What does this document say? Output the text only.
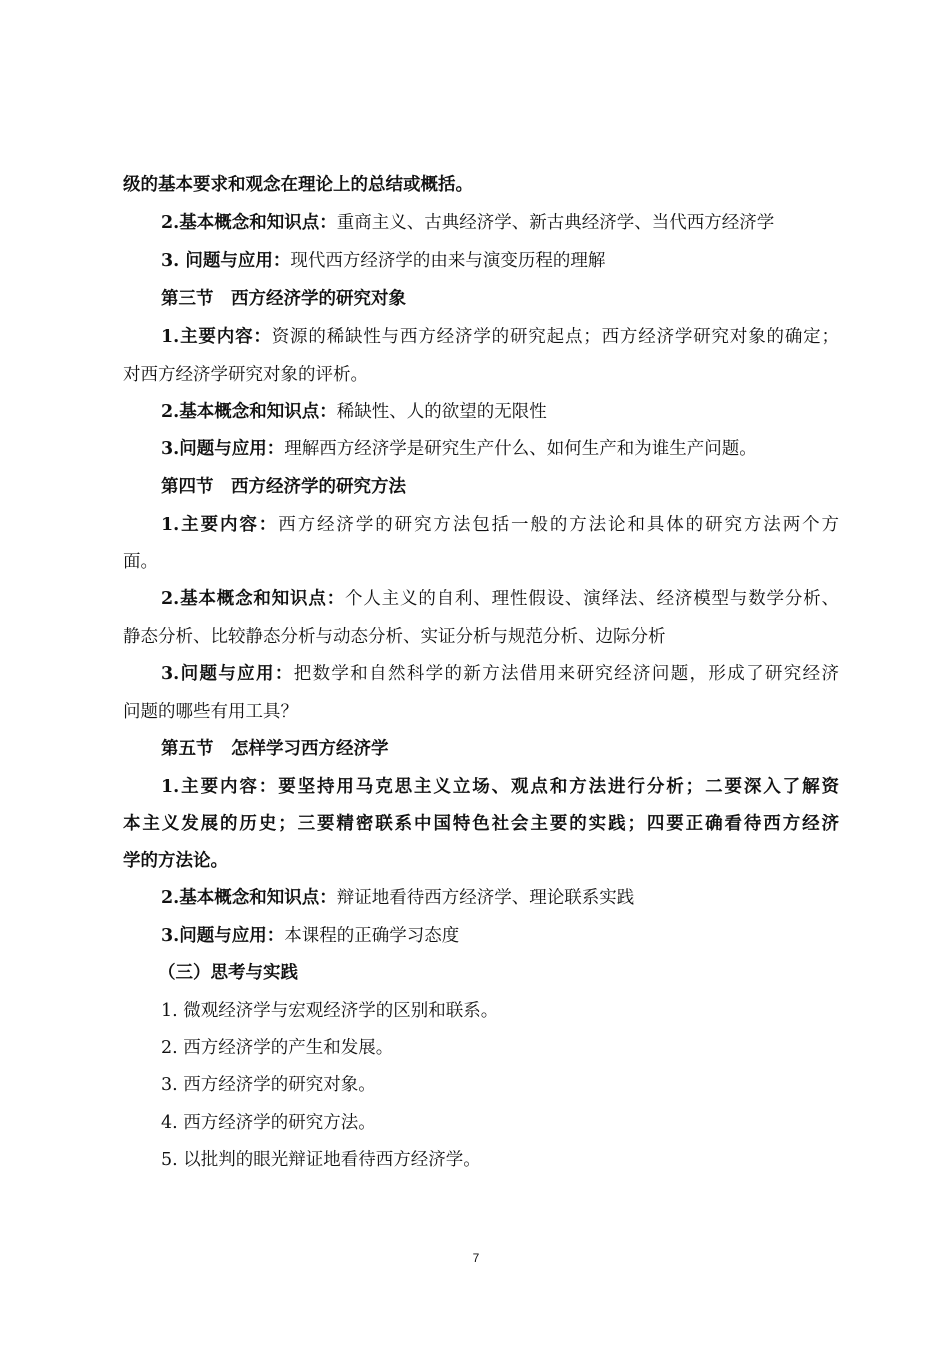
级的基本要求和观念在理论上的总结或概括。
2.基本概念和知识点：重商主义、古典经济学、新古典经济学、当代西方经济学
3. 问题与应用：现代西方经济学的由来与演变历程的理解
第三节　西方经济学的研究对象
1.主要内容：资源的稀缺性与西方经济学的研究起点；西方经济学研究对象的确定；
对西方经济学研究对象的评析。
2.基本概念和知识点：稀缺性、人的欲望的无限性
3.问题与应用：理解西方经济学是研究生产什么、如何生产和为谁生产问题。
第四节　西方经济学的研究方法
1.主要内容：西方经济学的研究方法包括一般的方法论和具体的研究方法两个方
面。
2.基本概念和知识点：个人主义的自利、理性假设、演绎法、经济模型与数学分析、
静态分析、比较静态分析与动态分析、实证分析与规范分析、边际分析
3.问题与应用：把数学和自然科学的新方法借用来研究经济问题，形成了研究经济
问题的哪些有用工具？
第五节　怎样学习西方经济学
1.主要内容：要坚持用马克思主义立场、观点和方法进行分析；二要深入了解资
本主义发展的历史；三要精密联系中国特色社会主要的实践；四要正确看待西方经济
学的方法论。
2.基本概念和知识点：辩证地看待西方经济学、理论联系实践
3.问题与应用：本课程的正确学习态度
（三）思考与实践
1. 微观经济学与宏观经济学的区别和联系。
2. 西方经济学的产生和发展。
3. 西方经济学的研究对象。
4. 西方经济学的研究方法。
5. 以批判的眼光辩证地看待西方经济学。
7
